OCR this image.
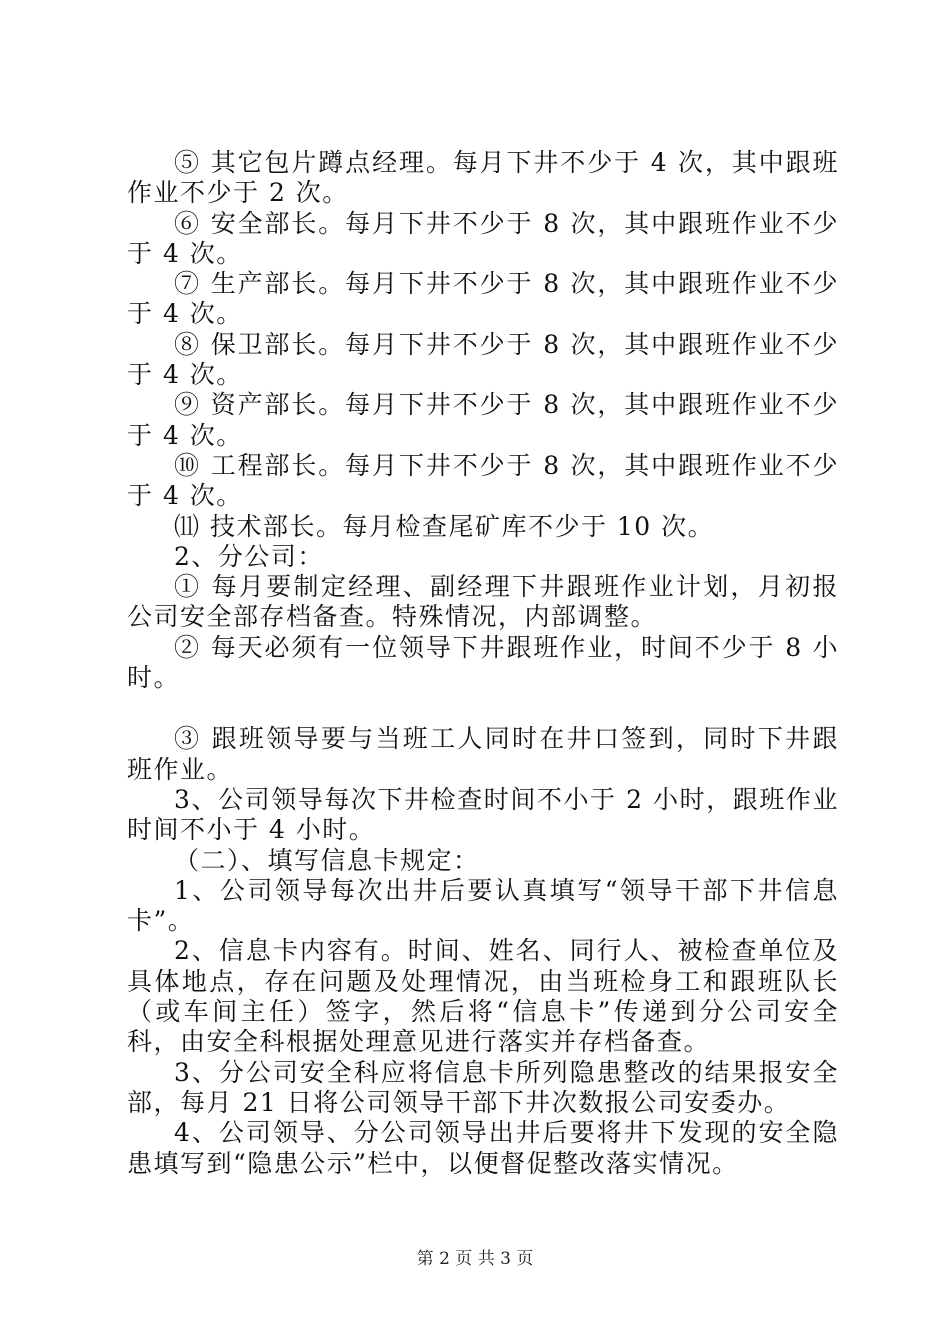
⑤ 其它包片蹲点经理。每月下井不少于 4 次，其中跟班作业不少于 2 次。

⑥ 安全部长。每月下井不少于 8 次，其中跟班作业不少于 4 次。

⑦ 生产部长。每月下井不少于 8 次，其中跟班作业不少于 4 次。

⑧ 保卫部长。每月下井不少于 8 次，其中跟班作业不少于 4 次。

⑨ 资产部长。每月下井不少于 8 次，其中跟班作业不少于 4 次。

⑩ 工程部长。每月下井不少于 8 次，其中跟班作业不少于 4 次。

⑾ 技术部长。每月检查尾矿库不少于 10 次。

2、分公司：

① 每月要制定经理、副经理下井跟班作业计划，月初报公司安全部存档备查。特殊情况，内部调整。

② 每天必须有一位领导下井跟班作业，时间不少于 8 小时。

③ 跟班领导要与当班工人同时在井口签到，同时下井跟班作业。

3、公司领导每次下井检查时间不小于 2 小时，跟班作业时间不小于 4 小时。

（二）、填写信息卡规定：

1、公司领导每次出井后要认真填写“领导干部下井信息卡”。

2、信息卡内容有。时间、姓名、同行人、被检查单位及具体地点，存在问题及处理情况，由当班检身工和跟班队长（或车间主任）签字，然后将“信息卡”传递到分公司安全科，由安全科根据处理意见进行落实并存档备查。

3、分公司安全科应将信息卡所列隐患整改的结果报安全部，每月 21 日将公司领导干部下井次数报公司安委办。

4、公司领导、分公司领导出井后要将井下发现的安全隐患填写到“隐患公示”栏中，以便督促整改落实情况。

第 2 页 共 3 页
